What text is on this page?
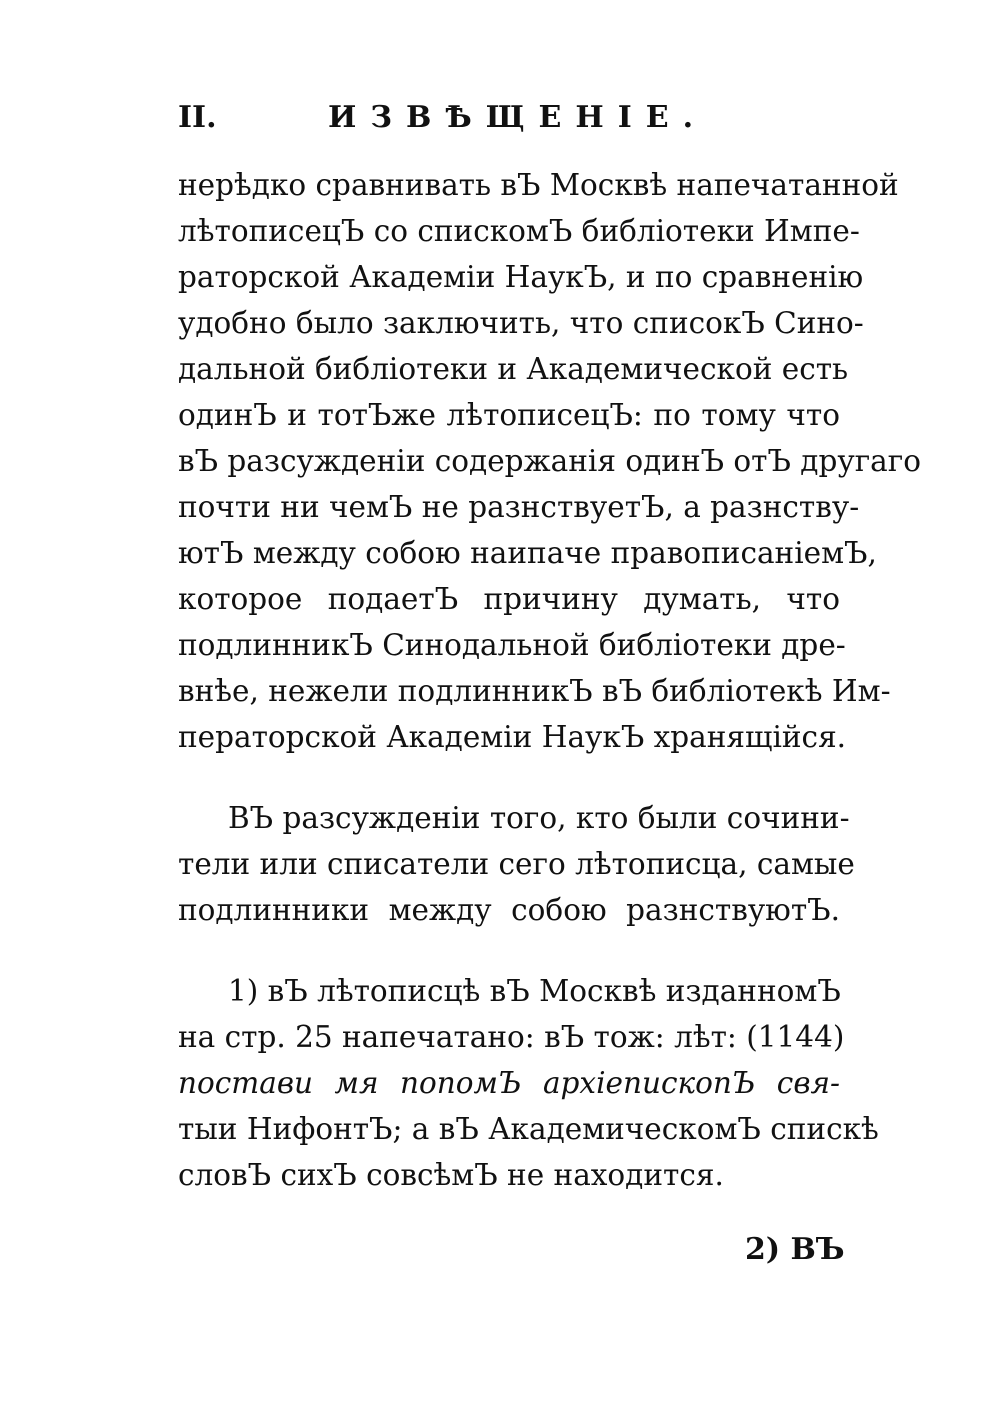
II.	ИЗВѢЩЕНІЕ.
нерѣдко сравнивать вЪ Москвѣ напечатанной
лѣтописецЪ со спискомЪ библіотеки Импе-
раторской Академіи НаукЪ, и по сравненію
удобно было заключить, что списокЪ Сино-
дальной библіотеки и Академической есть
одинЪ и тотЪже лѣтописецЪ: по тому что
вЪ разсужденіи содержанія одинЪ отЪ другаго
почти ни чемЪ не разнствуетЪ, а разнству-
ютЪ между собою наипаче правописаніемЪ,
которое подаетЪ причину думать, что
подлинникЪ Синодальной библіотеки дре-
внѣе, нежели подлинникЪ вЪ библіотекѣ Им-
ператорской Академіи НаукЪ хранящійся.
ВЪ разсужденіи того, кто были сочини-
тели или списатели сего лѣтописца, самые
подлинники между собою разнствуютЪ.
1) вЪ лѣтописцѣ вЪ Москвѣ изданномЪ
на стр. 25 напечатано: вЪ тож: лѣт: (1144)
постави мя попомЪ архіепископЪ свя-
тыи НифонтЪ; а вЪ АкадемическомЪ спискѣ
словЪ сихЪ совсѣмЪ не находится.
2) ВЪ
